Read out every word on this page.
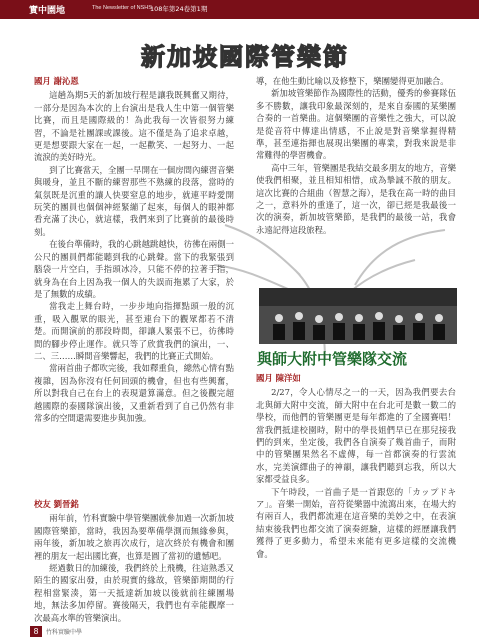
實中園地	The Newsletter of NSHS
108年第24卷第1期
新加坡國際管樂節
國月 謝沁恩

這趟為期5天的新加坡行程是讓我既興奮又期待，一部分是因為本次的上台演出是我人生中第一個管樂比賽，而且是國際級的！為此我每一次皆很努力練習，不論是社團課或課後。這不僅是為了追求卓越，更是想要跟大家在一起，一起歡笑、一起努力、一起流淚的美好時光。

到了比賽當天，全團一早開在一個房間內練習音樂與暖身，並且不斷的練習那些不熟練的段落，當時的氣氛既是沉重的讓人快要窒息的地步，就連平時愛開玩笑的團員也個個神經緊繃了起來，每個人的眼神都看充滿了決心，就這樣，我們來到了比賽前的最後時刻。

在後台準備時，我的心跳越跳越快，彷彿在兩側一公尺的團員們都能聽到我的心跳聲。當下的我緊張到腦袋一片空白，手指頭冰冷，只能不停的拉著手指，就身為在台上因為我一個人的失誤而拖累了大家，於是了無數的成績。

當我走上舞台時，一步步地向指揮點頭一般的沉重，吸入觀眾的眼光，甚至連台下的觀眾都若不清楚。而開演前的那段時間，卻讓人緊張不已，彷彿時間的腳步停止運作。就只等了欣賞我們的演出，一、二、三……瞬間音樂響起，我們的比賽正式開始。

當兩首曲子都吹完後，我如釋重負，總然心情有點複雜，因為你沒有任何回頭的機會，但也有些興奮，所以對我自己在台上的表現還算滿意。但之後觀完超越國際的泰國隊演出後，又重新看到了自己仍然有非常多的空間還需要進步與加強。

校友 劉晉銘

兩年前，竹科實驗中學管樂團就參加過一次新加坡國際管樂節，當時，我因為要準備學測而無緣參與，兩年後，新加坡之旅再次成行，這次終於有機會和團裡的朋友一起出國比賽，也算是圓了當初的遺憾吧。

經過數日的加練後，我們終於上飛機，往這熟悉又陌生的國家出發，由於現實的緣故，管樂節期間的行程相當緊湊，第一天抵達新加坡以後就前往練團場地，無法多加停留。賽後隔天，我們也有幸能觀摩一次最高水準的管樂演出。

導，在他生動比喻以及修整下，樂團變得更加融合。

新加坡管樂節作為國際性的活動，優秀的參賽隊伍多不勝數，讓我印象最深刻的，是來自泰國的某樂團合奏的一首樂曲。這個樂團的音樂性之強大，可以說是從音符中傳達出情感，不止說是對音樂掌握得精準，甚至連指揮也展現出樂團的專業，對我來說是非常難得的學習機會。

高中三年，管樂團是我結交最多朋友的地方，音樂使我們相聚，並且相知相惜，成為摯誠不散的朋友。這次比賽的合組曲（智慧之海），是我在高一時的曲目之一，意料外的重逢了，這一次，卻已經是我最後一次的演奏，新加坡管樂節，是我們的最後一站，我會永遠記得這段旅程。

與師大附中管樂隊交流
國月 陳洋如

2/27，令人心情尽之一的一天，因為我們要去台北與師大附中交流，師大附中在台北可是數一數二的學校，而他們的管樂團更是每年都進的了全國賽唱！當我們抵達校園時，附中的學長姐們早已在那兒接我們的到來，坐定後，我們各自演奏了幾首曲子，而附中的管樂團果然名不虛傳，每一首都演奏的行雲流水，完美演繹曲子的神韻，讓我們聽到忘我，所以大家都受益良多。

下午時段，一首曲子是一首跟您的「カップドキア」。音樂一開始，音符從樂器中流瀉出來，在場大約有兩百人，我們都流連在這音樂的美妙之中，在表演結束後我們也都交流了演奏經驗，這樣的經歷讓我們獲得了更多動力，希望未來能有更多這樣的交流機會。

8	竹科實驗中學
